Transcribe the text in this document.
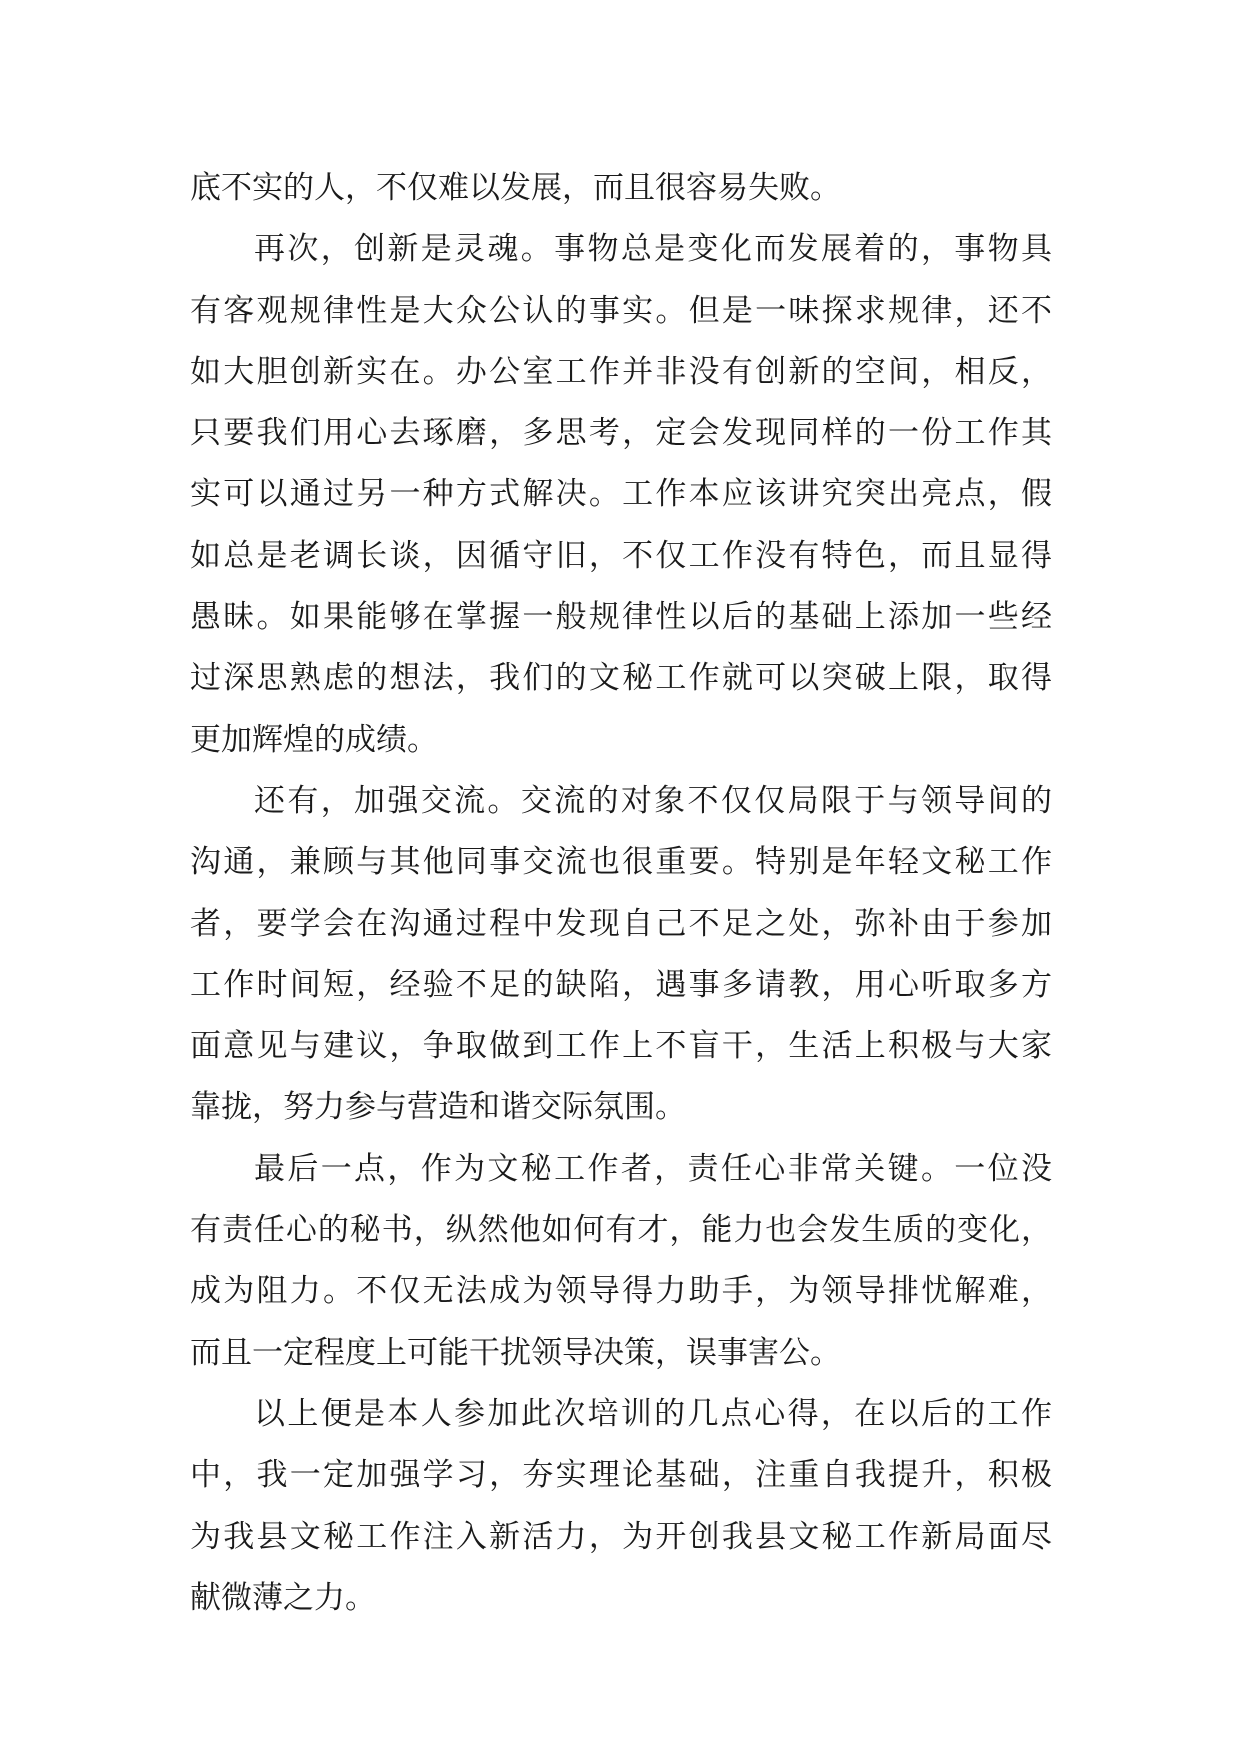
底不实的人，不仅难以发展，而且很容易失败。
再次，创新是灵魂。事物总是变化而发展着的，事物具
有客观规律性是大众公认的事实。但是一味探求规律，还不
如大胆创新实在。办公室工作并非没有创新的空间，相反，
只要我们用心去琢磨，多思考，定会发现同样的一份工作其
实可以通过另一种方式解决。工作本应该讲究突出亮点，假
如总是老调长谈，因循守旧，不仅工作没有特色，而且显得
愚昧。如果能够在掌握一般规律性以后的基础上添加一些经
过深思熟虑的想法，我们的文秘工作就可以突破上限，取得
更加辉煌的成绩。
还有，加强交流。交流的对象不仅仅局限于与领导间的
沟通，兼顾与其他同事交流也很重要。特别是年轻文秘工作
者，要学会在沟通过程中发现自己不足之处，弥补由于参加
工作时间短，经验不足的缺陷，遇事多请教，用心听取多方
面意见与建议，争取做到工作上不盲干，生活上积极与大家
靠拢，努力参与营造和谐交际氛围。
最后一点，作为文秘工作者，责任心非常关键。一位没
有责任心的秘书，纵然他如何有才，能力也会发生质的变化，
成为阻力。不仅无法成为领导得力助手，为领导排忧解难，
而且一定程度上可能干扰领导决策，误事害公。
以上便是本人参加此次培训的几点心得，在以后的工作
中，我一定加强学习，夯实理论基础，注重自我提升，积极
为我县文秘工作注入新活力，为开创我县文秘工作新局面尽
献微薄之力。
